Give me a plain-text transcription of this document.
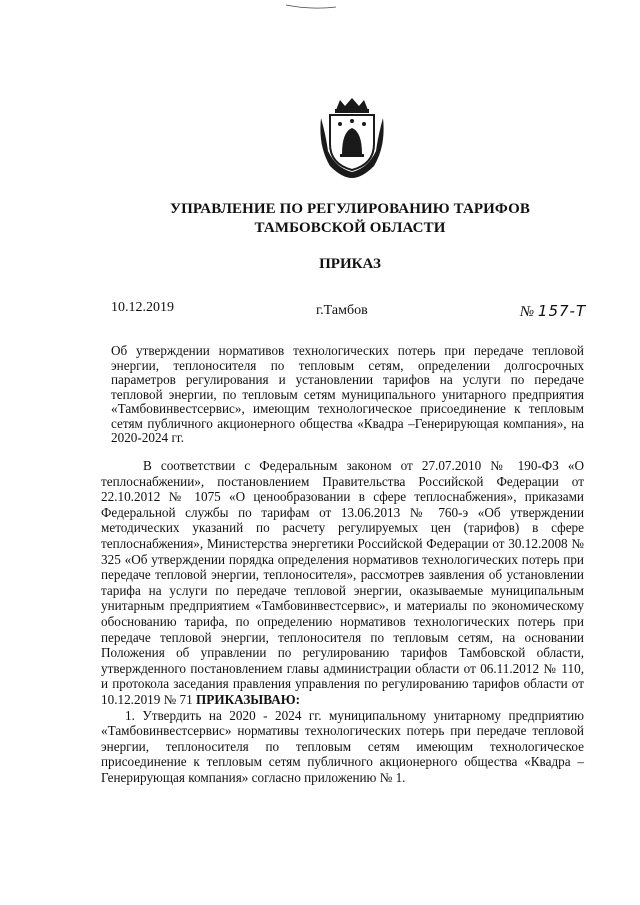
УПРАВЛЕНИЕ ПО РЕГУЛИРОВАНИЮ ТАРИФОВ
ТАМБОВСКОЙ ОБЛАСТИ
ПРИКАЗ
10.12.2019	г.Тамбов	№ 157-Т
Об утверждении нормативов технологических потерь при передаче тепловой энергии, теплоносителя по тепловым сетям, определении долгосрочных параметров регулирования и установлении тарифов на услуги по передаче тепловой энергии, по тепловым сетям муниципального унитарного предприятия «Тамбовинвестсервис», имеющим технологическое присоединение к тепловым сетям публичного акционерного общества «Квадра –Генерирующая компания», на 2020-2024 гг.

В соответствии с Федеральным законом от 27.07.2010 № 190-ФЗ «О теплоснабжении», постановлением Правительства Российской Федерации от 22.10.2012 № 1075 «О ценообразовании в сфере теплоснабжения», приказами Федеральной службы по тарифам от 13.06.2013 № 760-э «Об утверждении методических указаний по расчету регулируемых цен (тарифов) в сфере теплоснабжения», Министерства энергетики Российской Федерации от 30.12.2008 № 325 «Об утверждении порядка определения нормативов технологических потерь при передаче тепловой энергии, теплоносителя», рассмотрев заявления об установлении тарифа на услуги по передаче тепловой энергии, оказываемые муниципальным унитарным предприятием «Тамбовинвестсервис», и материалы по экономическому обоснованию тарифа, по определению нормативов технологических потерь при передаче тепловой энергии, теплоносителя по тепловым сетям, на основании Положения об управлении по регулированию тарифов Тамбовской области, утвержденного постановлением главы администрации области от 06.11.2012 № 110, и протокола заседания правления управления по регулированию тарифов области от 10.12.2019 № 71 ПРИКАЗЫВАЮ:

1. Утвердить на 2020 - 2024 гг. муниципальному унитарному предприятию «Тамбовинвестсервис» нормативы технологических потерь при передаче тепловой энергии, теплоносителя по тепловым сетям имеющим технологическое присоединение к тепловым сетям публичного акционерного общества «Квадра –Генерирующая компания» согласно приложению № 1.
